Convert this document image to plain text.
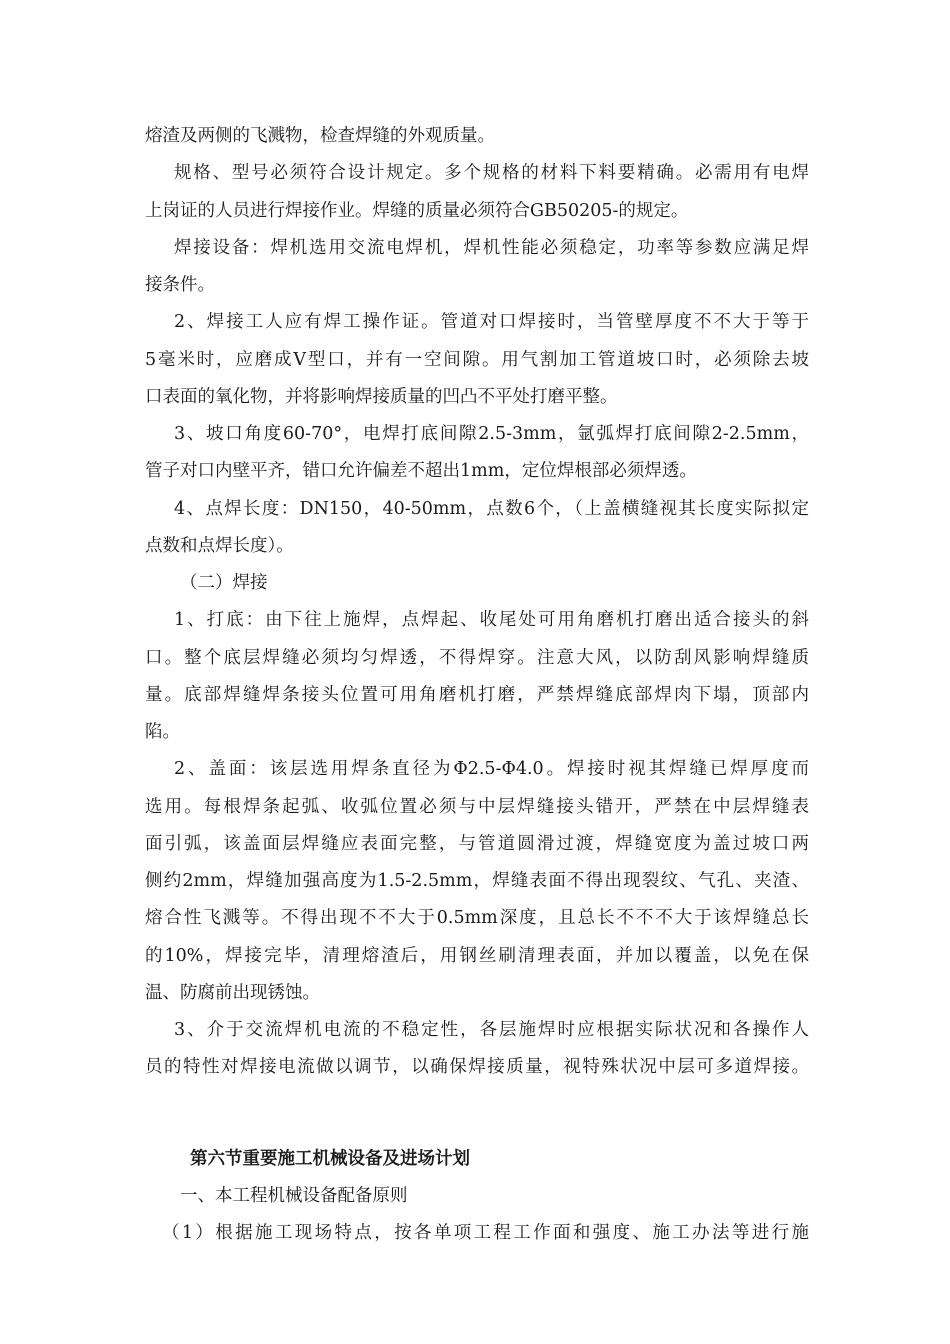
熔渣及两侧的飞溅物，检查焊缝的外观质量。
规格、型号必须符合设计规定。多个规格的材料下料要精确。必需用有电焊
上岗证的人员进行焊接作业。焊缝的质量必须符合GB50205-的规定。
焊接设备：焊机选用交流电焊机，焊机性能必须稳定，功率等参数应满足焊
接条件。
2、焊接工人应有焊工操作证。管道对口焊接时，当管壁厚度不不大于等于
5毫米时，应磨成V型口，并有一空间隙。用气割加工管道坡口时，必须除去坡
口表面的氧化物，并将影响焊接质量的凹凸不平处打磨平整。
3、坡口角度60-70°，电焊打底间隙2.5-3mm，氩弧焊打底间隙2-2.5mm，
管子对口内壁平齐，错口允许偏差不超出1mm，定位焊根部必须焊透。
4、点焊长度：DN150，40-50mm，点数6个，（上盖横缝视其长度实际拟定
点数和点焊长度）。
（二）焊接
1、打底：由下往上施焊，点焊起、收尾处可用角磨机打磨出适合接头的斜
口。整个底层焊缝必须均匀焊透，不得焊穿。注意大风，以防刮风影响焊缝质
量。底部焊缝焊条接头位置可用角磨机打磨，严禁焊缝底部焊肉下塌，顶部内
陷。
2、盖面：该层选用焊条直径为Φ2.5-Φ4.0。焊接时视其焊缝已焊厚度而
选用。每根焊条起弧、收弧位置必须与中层焊缝接头错开，严禁在中层焊缝表
面引弧，该盖面层焊缝应表面完整，与管道圆滑过渡，焊缝宽度为盖过坡口两
侧约2mm，焊缝加强高度为1.5-2.5mm，焊缝表面不得出现裂纹、气孔、夹渣、
熔合性飞溅等。不得出现不不大于0.5mm深度，且总长不不不大于该焊缝总长
的10%，焊接完毕，清理熔渣后，用钢丝刷清理表面，并加以覆盖，以免在保
温、防腐前出现锈蚀。
3、介于交流焊机电流的不稳定性，各层施焊时应根据实际状况和各操作人
员的特性对焊接电流做以调节，以确保焊接质量，视特殊状况中层可多道焊接。
第六节重要施工机械设备及进场计划
一、本工程机械设备配备原则
（1）根据施工现场特点，按各单项工程工作面和强度、施工办法等进行施
